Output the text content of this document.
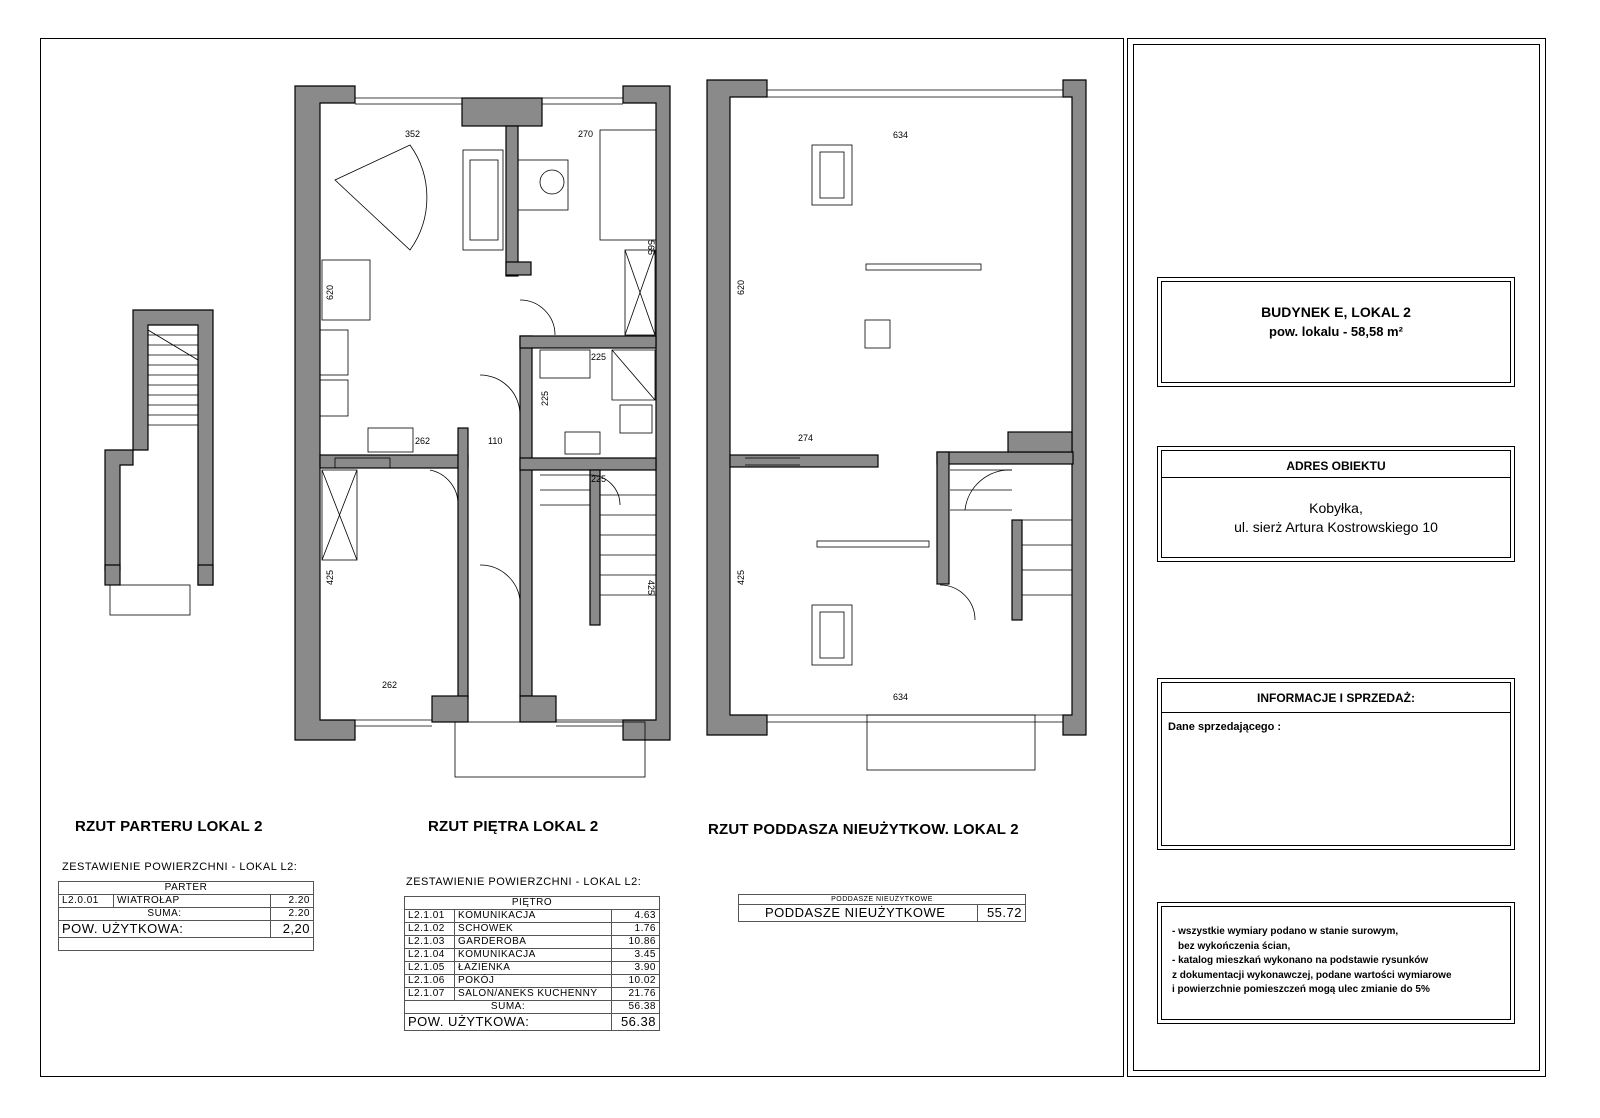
352	270
262
262	110
225
225
620
425
565
425
225
634
634
274
620
425
RZUT PARTERU LOKAL 2	RZUT PIĘTRA LOKAL 2	RZUT PODDASZA NIEUŻYTKOW. LOKAL 2
ZESTAWIENIE POWIERZCHNI - LOKAL L2:
PARTER		
L2.0.01	WIATROŁAP	2.20
SUMA:		2.20
POW. UŻYTKOWA:		2,20

ZESTAWIENIE POWIERZCHNI - LOKAL L2:
PIĘTRO		
L2.1.01	KOMUNIKACJA	4.63
L2.1.02	SCHOWEK	1.76
L2.1.03	GARDEROBA	10.86
L2.1.04	KOMUNIKACJA	3.45
L2.1.05	ŁAZIENKA	3.90
L2.1.06	POKÓJ	10.02
L2.1.07	SALON/ANEKS KUCHENNY	21.76
SUMA:		56.38
POW. UŻYTKOWA:		56.38
PODDASZE NIEUŻYTKOWE
PODDASZE NIEUŻYTKOWE	55.72
BUDYNEK E, LOKAL 2
pow. lokalu - 58,58 m²
ADRES OBIEKTU
Kobyłka,
ul. sierż Artura Kostrowskiego 10
INFORMACJE I SPRZEDAŻ:
Dane sprzedającego :
- wszystkie wymiary podano w stanie surowym,
bez wykończenia ścian,
- katalog mieszkań wykonano na podstawie rysunków
z dokumentacji wykonawczej, podane wartości wymiarowe
i powierzchnie pomieszczeń mogą ulec zmianie do 5%
